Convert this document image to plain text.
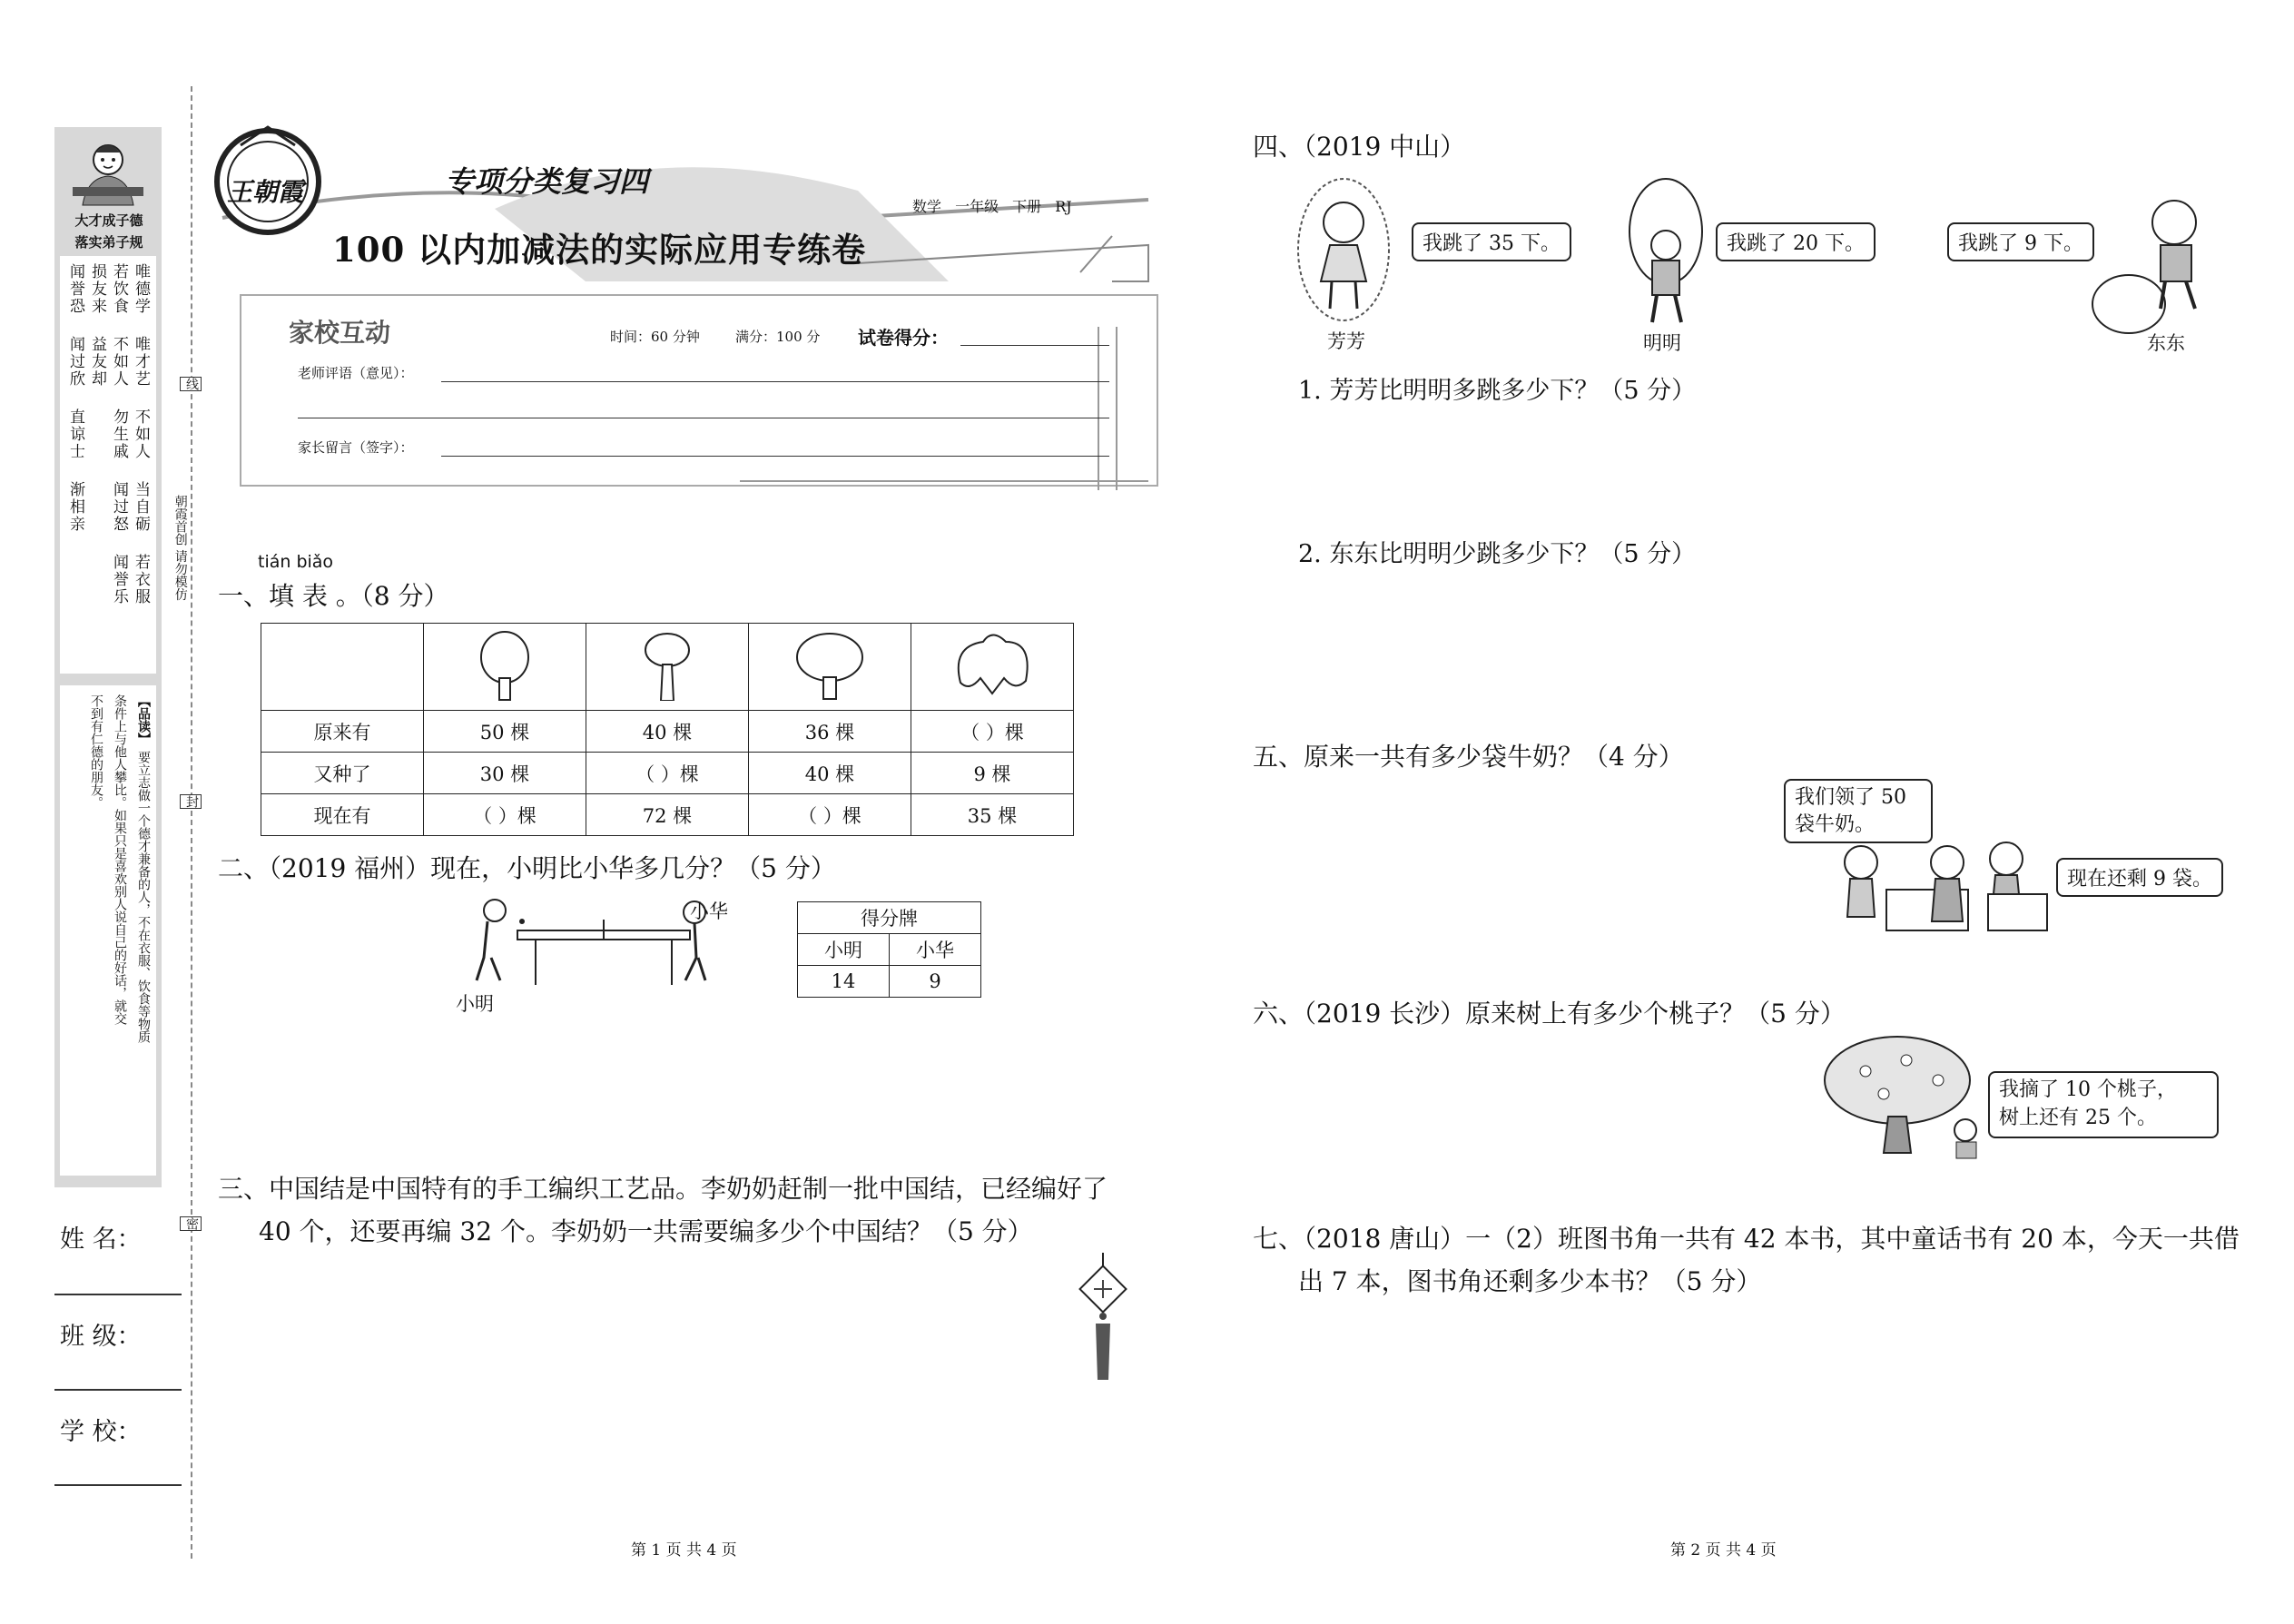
大才成子德
落实弟子规
唯德学
唯才艺
不如人
当自砺
若衣服
若饮食
不如人
勿生戚
闻过怒
闻誉乐
损友来
益友却
闻誉恐
闻过欣
直谅士
渐相亲
【品读】
要立志做一个德才兼备的人，不在衣服、饮食等物质
条件上与他人攀比。如果只是喜欢别人说自己的好话，就交
不到有仁德的朋友。
姓 名：
班 级：
学 校：
线
封
密
朝霞首创 请勿模仿
王朝霞	专项分类复习四
100 以内加减法的实际应用专练卷
数学 一年级 下册 RJ
家校互动	时间：60 分钟	满分：100 分 试卷得分：
老师评语（意见）：
家长留言（签字）：
tián biǎo
一、填 表 。（8 分）

原来有	50 棵	40 棵	36 棵	（ ）棵
又种了	30 棵	（ ）棵	40 棵	9 棵
现在有	（ ）棵	72 棵	（ ）棵	35 棵
二、（2019 福州）现在，小明比小华多几分？（5 分）
小明
小华	得分牌	
小明	小华
14	9
三、中国结是中国特有的手工编织工艺品。李奶奶赶制一批中国结，已经编好了
40 个，还要再编 32 个。李奶奶一共需要编多少个中国结？（5 分）
四、（2019 中山）
我跳了 35 下。
芳芳
我跳了 20 下。
明明
我跳了 9 下。
东东
1. 芳芳比明明多跳多少下？（5 分）
2. 东东比明明少跳多少下？（5 分）
五、原来一共有多少袋牛奶？（4 分）
我们领了 50
袋牛奶。
现在还剩 9 袋。
六、（2019 长沙）原来树上有多少个桃子？（5 分）
我摘了 10 个桃子，
树上还有 25 个。
七、（2018 唐山）一（2）班图书角一共有 42 本书，其中童话书有 20 本，今天一共借
出 7 本，图书角还剩多少本书？（5 分）
第 1 页 共 4 页	第 2 页 共 4 页
